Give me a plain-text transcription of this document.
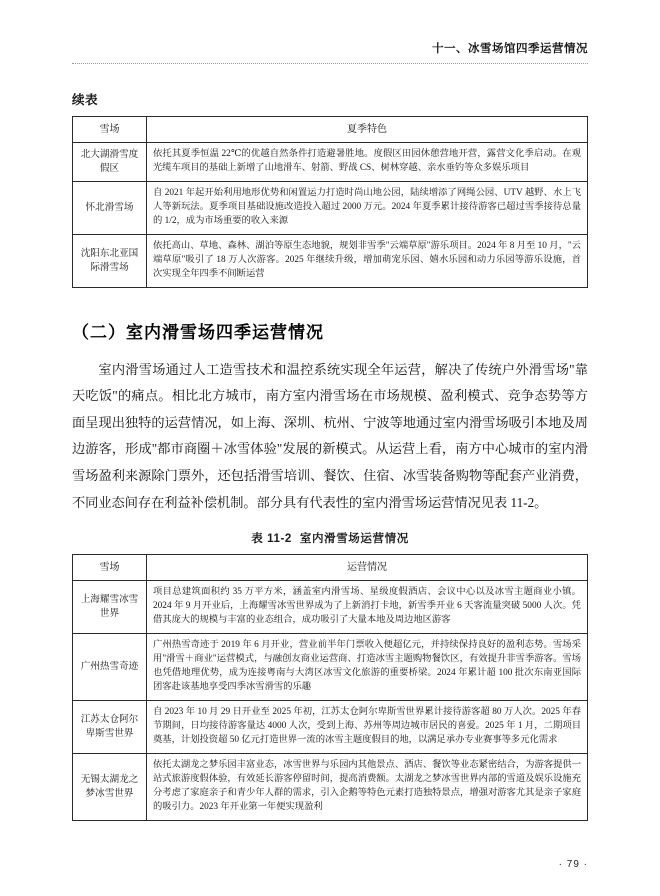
十一、冰雪场馆四季运营情况
续表
雪场	夏季特色
北大湖滑雪度假区	依托其夏季恒温 22℃的优越自然条件打造避暑胜地。度假区田园休憩营地开营，露营文化季启动。在观光缆车项目的基础上新增了山地滑车、射箭、野战 CS、树林穿越、亲水垂钓等众多娱乐项目
怀北滑雪场	自 2021 年起开始利用地形优势和闲置运力打造时尚山地公园，陆续增添了网绳公园、UTV 越野、水上飞人等新玩法。夏季项目基础设施改造投入超过 2000 万元。2024 年夏季累计接待游客已超过雪季接待总量的 1/2，成为市场重要的收入来源
沈阳东北亚国际滑雪场	依托高山、草地、森林、湖泊等原生态地貌，规划非雪季"云端草原"游乐项目。2024 年 8 月至 10 月，"云端草原"吸引了 18 万人次游客。2025 年继续升级，增加萌宠乐园、嬉水乐园和动力乐园等游乐设施，首次实现全年四季不间断运营
（二）室内滑雪场四季运营情况

室内滑雪场通过人工造雪技术和温控系统实现全年运营，解决了传统户外滑雪场"靠天吃饭"的痛点。相比北方城市，南方室内滑雪场在市场规模、盈利模式、竞争态势等方面呈现出独特的运营情况，如上海、深圳、杭州、宁波等地通过室内滑雪场吸引本地及周边游客，形成"都市商圈＋冰雪体验"发展的新模式。从运营上看，南方中心城市的室内滑雪场盈利来源除门票外，还包括滑雪培训、餐饮、住宿、冰雪装备购物等配套产业消费，不同业态间存在利益补偿机制。部分具有代表性的室内滑雪场运营情况见表 11-2。

表 11-2 室内滑雪场运营情况
雪场	运营情况
上海耀雪冰雪世界	项目总建筑面积约 35 万平方米，涵盖室内滑雪场、星级度假酒店、会议中心以及冰雪主题商业小镇。2024 年 9 月开业后，上海耀雪冰雪世界成为了上新消打卡地，新雪季开业 6 天客流量突破 5000 人次。凭借其庞大的规模与丰富的业态组合，成功吸引了大量本地及周边地区游客
广州热雪奇迹	广州热雪奇迹于 2019 年 6 月开业，营业前半年门票收入便超亿元，并持续保持良好的盈利态势。雪场采用"滑雪＋商业"运营模式，与融创友商业运营商、打造冰雪主题购物餐饮区，有效提升非雪季游客。雪场也凭借地理优势，成为连接粤南与大湾区冰雪文化旅游的重要桥梁。2024 年累计超 100 批次东南亚国际团客赴该基地享受四季冰雪滑雪的乐趣
江苏太仓阿尔卑斯雪世界	自 2023 年 10 月 29 日开业至 2025 年初，江苏太仓阿尔卑斯雪世界累计接待游客超 80 万人次。2025 年春节期间，日均接待游客量达 4000 人次，受到上海、苏州等周边城市居民的喜爱。2025 年 1 月，二期项目奠基，计划投资超 50 亿元打造世界一流的冰雪主题度假目的地，以满足承办专业赛事等多元化需求
无锡太湖龙之梦冰雪世界	依托太湖龙之梦乐园丰富业态，冰雪世界与乐园内其他景点、酒店、餐饮等业态紧密结合，为游客提供一站式旅游度假体验，有效延长游客停留时间，提高消费额。太湖龙之梦冰雪世界内部的雪道及娱乐设施充分考虑了家庭亲子和青少年人群的需求，引入企鹅等特色元素打造独特景点，增强对游客尤其是亲子家庭的吸引力。2023 年开业第一年便实现盈利
· 79 ·
